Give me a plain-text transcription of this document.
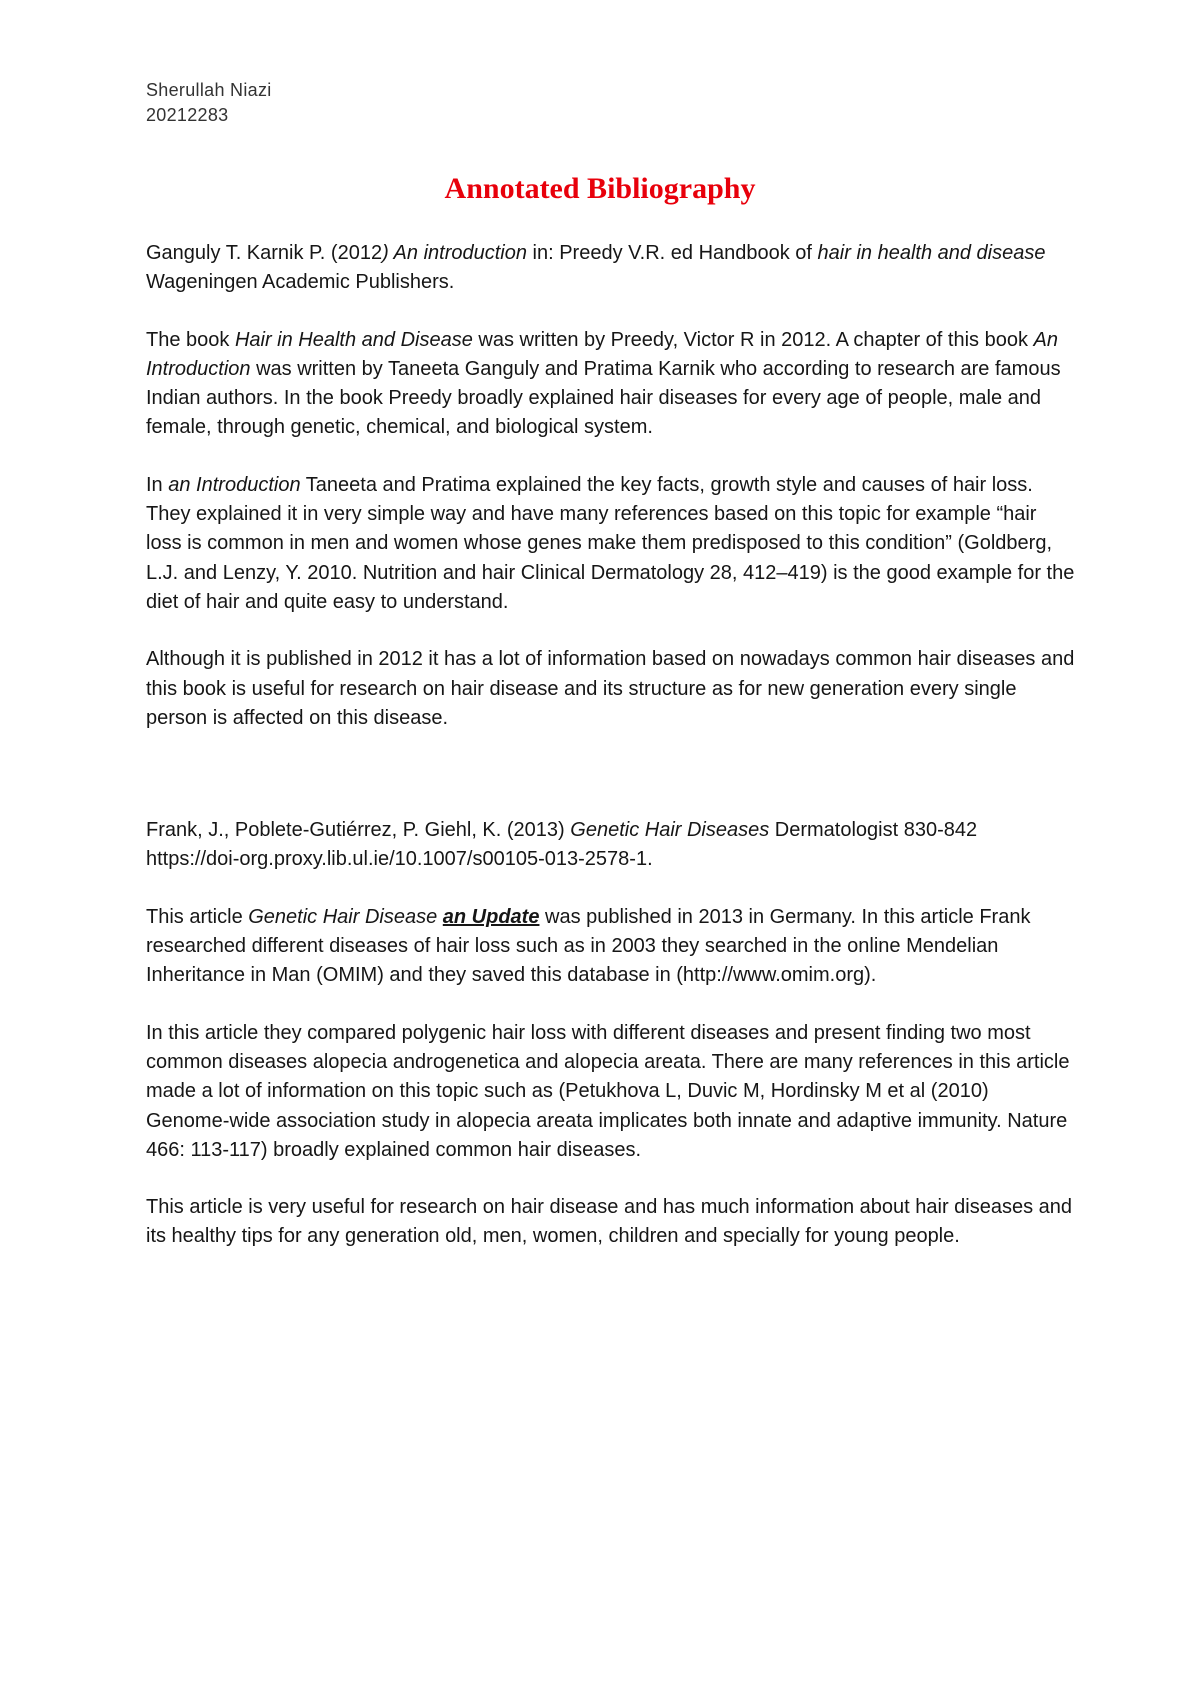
Sherullah Niazi
20212283
Annotated Bibliography

Ganguly T. Karnik P. (2012) An introduction in: Preedy V.R. ed Handbook of hair in health and disease Wageningen Academic Publishers.

The book Hair in Health and Disease was written by Preedy, Victor R in 2012. A chapter of this book An Introduction was written by Taneeta Ganguly and Pratima Karnik who according to research are famous Indian authors. In the book Preedy broadly explained hair diseases for every age of people, male and female, through genetic, chemical, and biological system.

In an Introduction Taneeta and Pratima explained the key facts, growth style and causes of hair loss. They explained it in very simple way and have many references based on this topic for example “hair loss is common in men and women whose genes make them predisposed to this condition” (Goldberg, L.J. and Lenzy, Y. 2010. Nutrition and hair Clinical Dermatology 28, 412–419) is the good example for the diet of hair and quite easy to understand.

Although it is published in 2012 it has a lot of information based on nowadays common hair diseases and this book is useful for research on hair disease and its structure as for new generation every single person is affected on this disease.

Frank, J., Poblete-Gutiérrez, P. Giehl, K. (2013) Genetic Hair Diseases Dermatologist 830-842 https://doi-org.proxy.lib.ul.ie/10.1007/s00105-013-2578-1.

This article Genetic Hair Disease an Update was published in 2013 in Germany. In this article Frank researched different diseases of hair loss such as in 2003 they searched in the online Mendelian Inheritance in Man (OMIM) and they saved this database in (http://​www.omim.org).

In this article they compared polygenic hair loss with different diseases and present finding two most common diseases alopecia androgenetica and alopecia areata. There are many references in this article made a lot of information on this topic such as (Petukhova L, Duvic M, Hordinsky M et al (2010) Genome-wide association study in alopecia areata implicates both innate and adaptive immunity. Nature 466: 113-117) broadly explained common hair diseases.

This article is very useful for research on hair disease and has much information about hair diseases and its healthy tips for any generation old, men, women, children and specially for young people.
